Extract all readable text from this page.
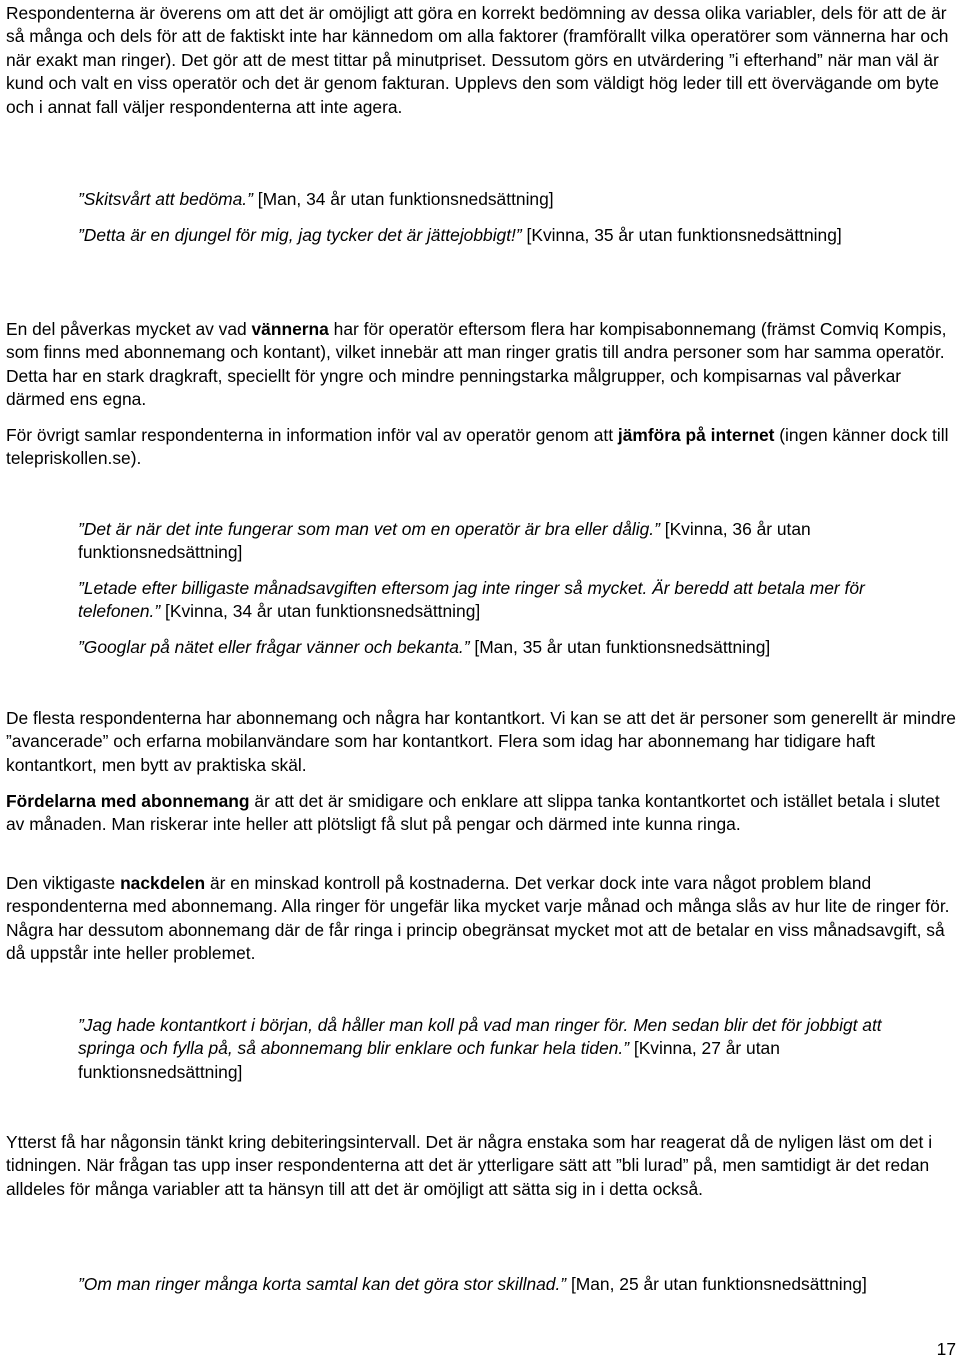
Respondenterna är överens om att det är omöjligt att göra en korrekt bedömning av dessa olika variabler, dels för att de är så många och dels för att de faktiskt inte har kännedom om alla faktorer (framförallt vilka operatörer som vännerna har och när exakt man ringer). Det gör att de mest tittar på minutpriset. Dessutom görs en utvärdering ”i efterhand” när man väl är kund och valt en viss operatör och det är genom fakturan. Upplevs den som väldigt hög leder till ett övervägande om byte och i annat fall väljer respondenterna att inte agera.

”Skitsvårt att bedöma.” [Man, 34 år utan funktionsnedsättning]

”Detta är en djungel för mig, jag tycker det är jättejobbigt!” [Kvinna, 35 år utan funktionsnedsättning]

En del påverkas mycket av vad vännerna har för operatör eftersom flera har kompisabonnemang (främst Comviq Kompis, som finns med abonnemang och kontant), vilket innebär att man ringer gratis till andra personer som har samma operatör. Detta har en stark dragkraft, speciellt för yngre och mindre penningstarka målgrupper, och kompisarnas val påverkar därmed ens egna.

För övrigt samlar respondenterna in information inför val av operatör genom att jämföra på internet (ingen känner dock till telepriskollen.se).

”Det är när det inte fungerar som man vet om en operatör är bra eller dålig.” [Kvinna, 36 år utan funktionsnedsättning]

”Letade efter billigaste månadsavgiften eftersom jag inte ringer så mycket. Är beredd att betala mer för telefonen.” [Kvinna, 34 år utan funktionsnedsättning]

”Googlar på nätet eller frågar vänner och bekanta.” [Man, 35 år utan funktionsnedsättning]

De flesta respondenterna har abonnemang och några har kontantkort. Vi kan se att det är personer som generellt är mindre ”avancerade” och erfarna mobilanvändare som har kontantkort. Flera som idag har abonnemang har tidigare haft kontantkort, men bytt av praktiska skäl.

Fördelarna med abonnemang är att det är smidigare och enklare att slippa tanka kontantkortet och istället betala i slutet av månaden. Man riskerar inte heller att plötsligt få slut på pengar och därmed inte kunna ringa.

Den viktigaste nackdelen är en minskad kontroll på kostnaderna. Det verkar dock inte vara något problem bland respondenterna med abonnemang. Alla ringer för ungefär lika mycket varje månad och många slås av hur lite de ringer för. Några har dessutom abonnemang där de får ringa i princip obegränsat mycket mot att de betalar en viss månadsavgift, så då uppstår inte heller problemet.

”Jag hade kontantkort i början, då håller man koll på vad man ringer för. Men sedan blir det för jobbigt att springa och fylla på, så abonnemang blir enklare och funkar hela tiden.” [Kvinna, 27 år utan funktionsnedsättning]

Ytterst få har någonsin tänkt kring debiteringsintervall. Det är några enstaka som har reagerat då de nyligen läst om det i tidningen. När frågan tas upp inser respondenterna att det är ytterligare sätt att ”bli lurad” på, men samtidigt är det redan alldeles för många variabler att ta hänsyn till att det är omöjligt att sätta sig in i detta också.

”Om man ringer många korta samtal kan det göra stor skillnad.” [Man, 25 år utan funktionsnedsättning]

17
